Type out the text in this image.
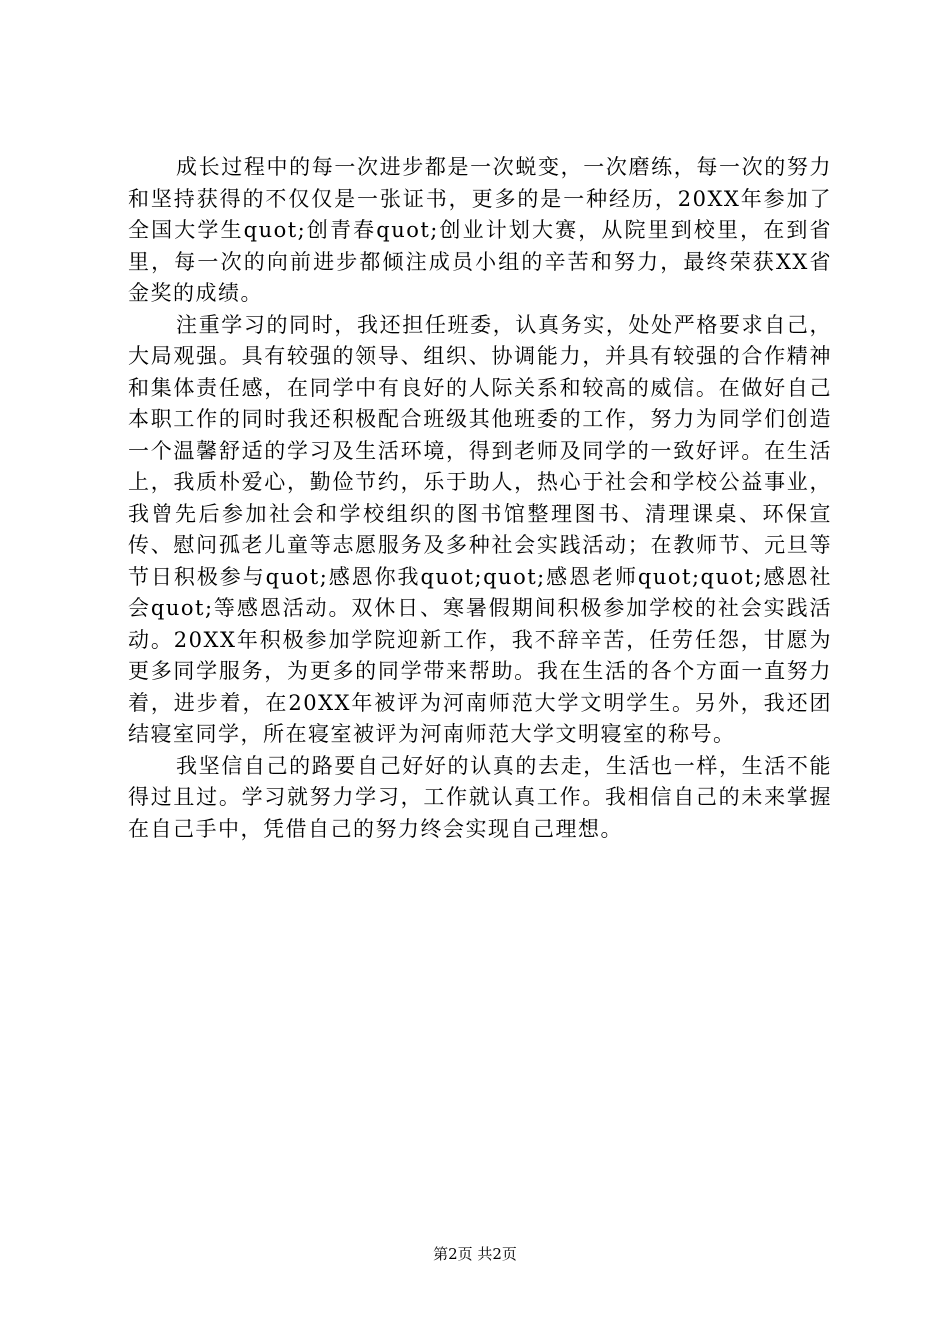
成长过程中的每一次进步都是一次蜕变，一次磨练，每一次的努力和坚持获得的不仅仅是一张证书，更多的是一种经历，20XX年参加了全国大学生quot;创青春quot;创业计划大赛，从院里到校里，在到省里，每一次的向前进步都倾注成员小组的辛苦和努力，最终荣获XX省金奖的成绩。

注重学习的同时，我还担任班委，认真务实，处处严格要求自己，大局观强。具有较强的领导、组织、协调能力，并具有较强的合作精神和集体责任感，在同学中有良好的人际关系和较高的威信。在做好自己本职工作的同时我还积极配合班级其他班委的工作，努力为同学们创造一个温馨舒适的学习及生活环境，得到老师及同学的一致好评。在生活上，我质朴爱心，勤俭节约，乐于助人，热心于社会和学校公益事业，我曾先后参加社会和学校组织的图书馆整理图书、清理课桌、环保宣传、慰问孤老儿童等志愿服务及多种社会实践活动；在教师节、元旦等节日积极参与quot;感恩你我quot;quot;感恩老师quot;quot;感恩社会quot;等感恩活动。双休日、寒暑假期间积极参加学校的社会实践活动。20XX年积极参加学院迎新工作，我不辞辛苦，任劳任怨，甘愿为更多同学服务，为更多的同学带来帮助。我在生活的各个方面一直努力着，进步着，在20XX年被评为河南师范大学文明学生。另外，我还团结寝室同学，所在寝室被评为河南师范大学文明寝室的称号。

我坚信自己的路要自己好好的认真的去走，生活也一样，生活不能得过且过。学习就努力学习，工作就认真工作。我相信自己的未来掌握在自己手中，凭借自己的努力终会实现自己理想。

第2页 共2页
